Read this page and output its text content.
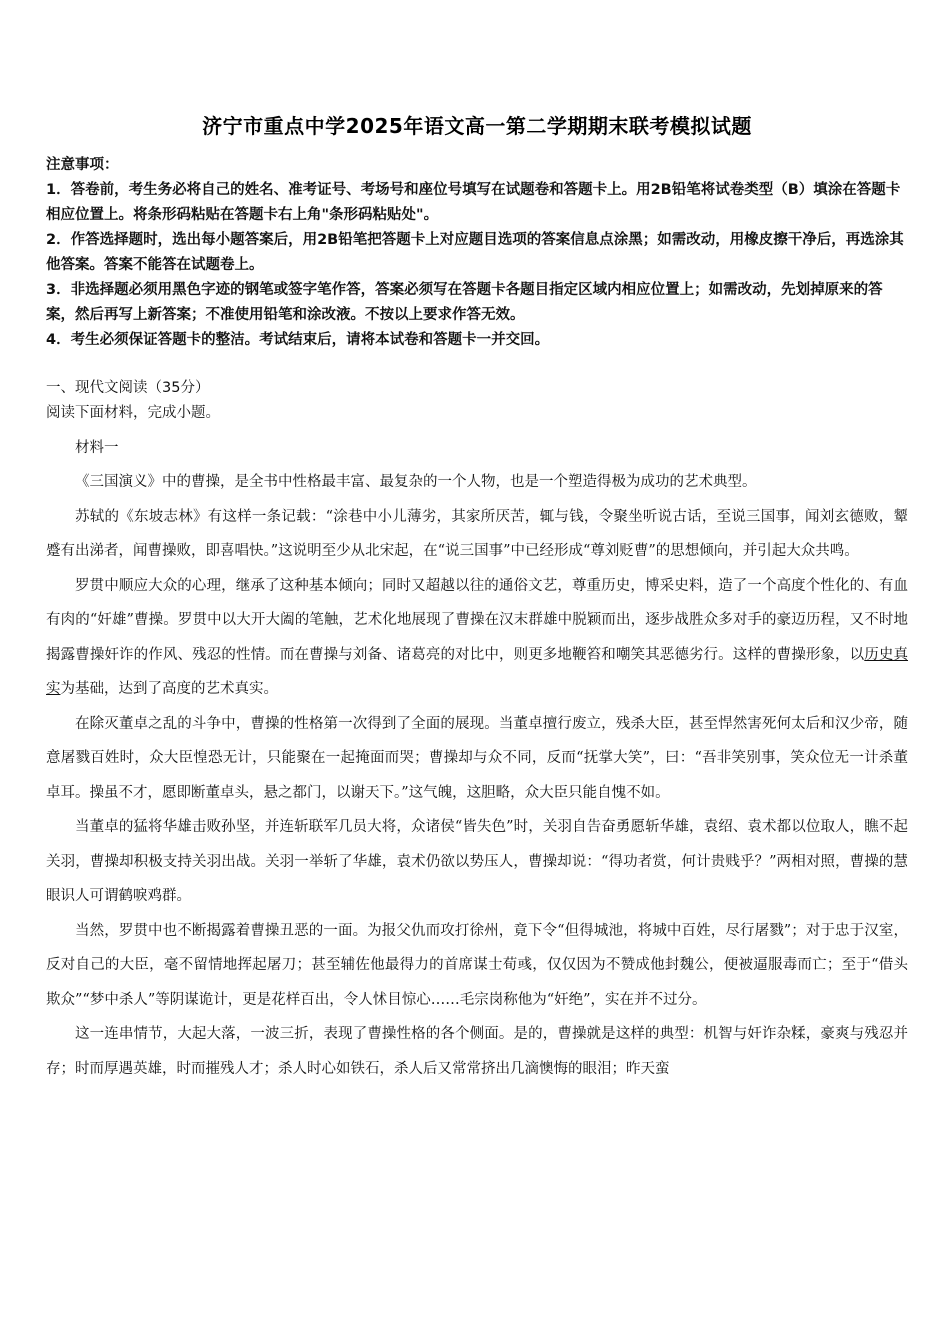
济宁市重点中学2025年语文高一第二学期期末联考模拟试题

注意事项：

1．答卷前，考生务必将自己的姓名、准考证号、考场号和座位号填写在试题卷和答题卡上。用2B铅笔将试卷类型（B）填涂在答题卡相应位置上。将条形码粘贴在答题卡右上角"条形码粘贴处"。

2．作答选择题时，选出每小题答案后，用2B铅笔把答题卡上对应题目选项的答案信息点涂黑；如需改动，用橡皮擦干净后，再选涂其他答案。答案不能答在试题卷上。

3．非选择题必须用黑色字迹的钢笔或签字笔作答，答案必须写在答题卡各题目指定区域内相应位置上；如需改动，先划掉原来的答案，然后再写上新答案；不准使用铅笔和涂改液。不按以上要求作答无效。

4．考生必须保证答题卡的整洁。考试结束后，请将本试卷和答题卡一并交回。

一、现代文阅读（35分）

阅读下面材料，完成小题。

材料一

《三国演义》中的曹操，是全书中性格最丰富、最复杂的一个人物，也是一个塑造得极为成功的艺术典型。

苏轼的《东坡志林》有这样一条记载：“涂巷中小儿薄劣，其家所厌苦，辄与钱，令聚坐听说古话，至说三国事，闻刘玄德败，颦蹙有出涕者，闻曹操败，即喜唱快。”这说明至少从北宋起，在“说三国事”中已经形成“尊刘贬曹”的思想倾向，并引起大众共鸣。

罗贯中顺应大众的心理，继承了这种基本倾向；同时又超越以往的通俗文艺，尊重历史，博采史料，造了一个高度个性化的、有血有肉的“奸雄”曹操。罗贯中以大开大阖的笔触，艺术化地展现了曹操在汉末群雄中脱颖而出，逐步战胜众多对手的豪迈历程，又不时地揭露曹操奸诈的作风、残忍的性情。而在曹操与刘备、诸葛亮的对比中，则更多地鞭笞和嘲笑其恶德劣行。这样的曹操形象，以历史真实为基础，达到了高度的艺术真实。

在除灭董卓之乱的斗争中，曹操的性格第一次得到了全面的展现。当董卓擅行废立，残杀大臣，甚至悍然害死何太后和汉少帝，随意屠戮百姓时，众大臣惶恐无计，只能聚在一起掩面而哭；曹操却与众不同，反而“抚掌大笑”，曰：“吾非笑别事，笑众位无一计杀董卓耳。操虽不才，愿即断董卓头，悬之都门，以谢天下。”这气魄，这胆略，众大臣只能自愧不如。

当董卓的猛将华雄击败孙坚，并连斩联军几员大将，众诸侯“皆失色”时，关羽自告奋勇愿斩华雄，袁绍、袁术都以位取人，瞧不起关羽，曹操却积极支持关羽出战。关羽一举斩了华雄，袁术仍欲以势压人，曹操却说：“得功者赏，何计贵贱乎？”两相对照，曹操的慧眼识人可谓鹤唳鸡群。

当然，罗贯中也不断揭露着曹操丑恶的一面。为报父仇而攻打徐州，竟下令“但得城池，将城中百姓，尽行屠戮”；对于忠于汉室，反对自己的大臣，毫不留情地挥起屠刀；甚至辅佐他最得力的首席谋士荀彧，仅仅因为不赞成他封魏公，便被逼服毒而亡；至于“借头欺众”“梦中杀人”等阴谋诡计，更是花样百出，令人怵目惊心……毛宗岗称他为“奸绝”，实在并不过分。

这一连串情节，大起大落，一波三折，表现了曹操性格的各个侧面。是的，曹操就是这样的典型：机智与奸诈杂糅，豪爽与残忍并存；时而厚遇英雄，时而摧残人才；杀人时心如铁石，杀人后又常常挤出几滴懊悔的眼泪；昨天蛮
